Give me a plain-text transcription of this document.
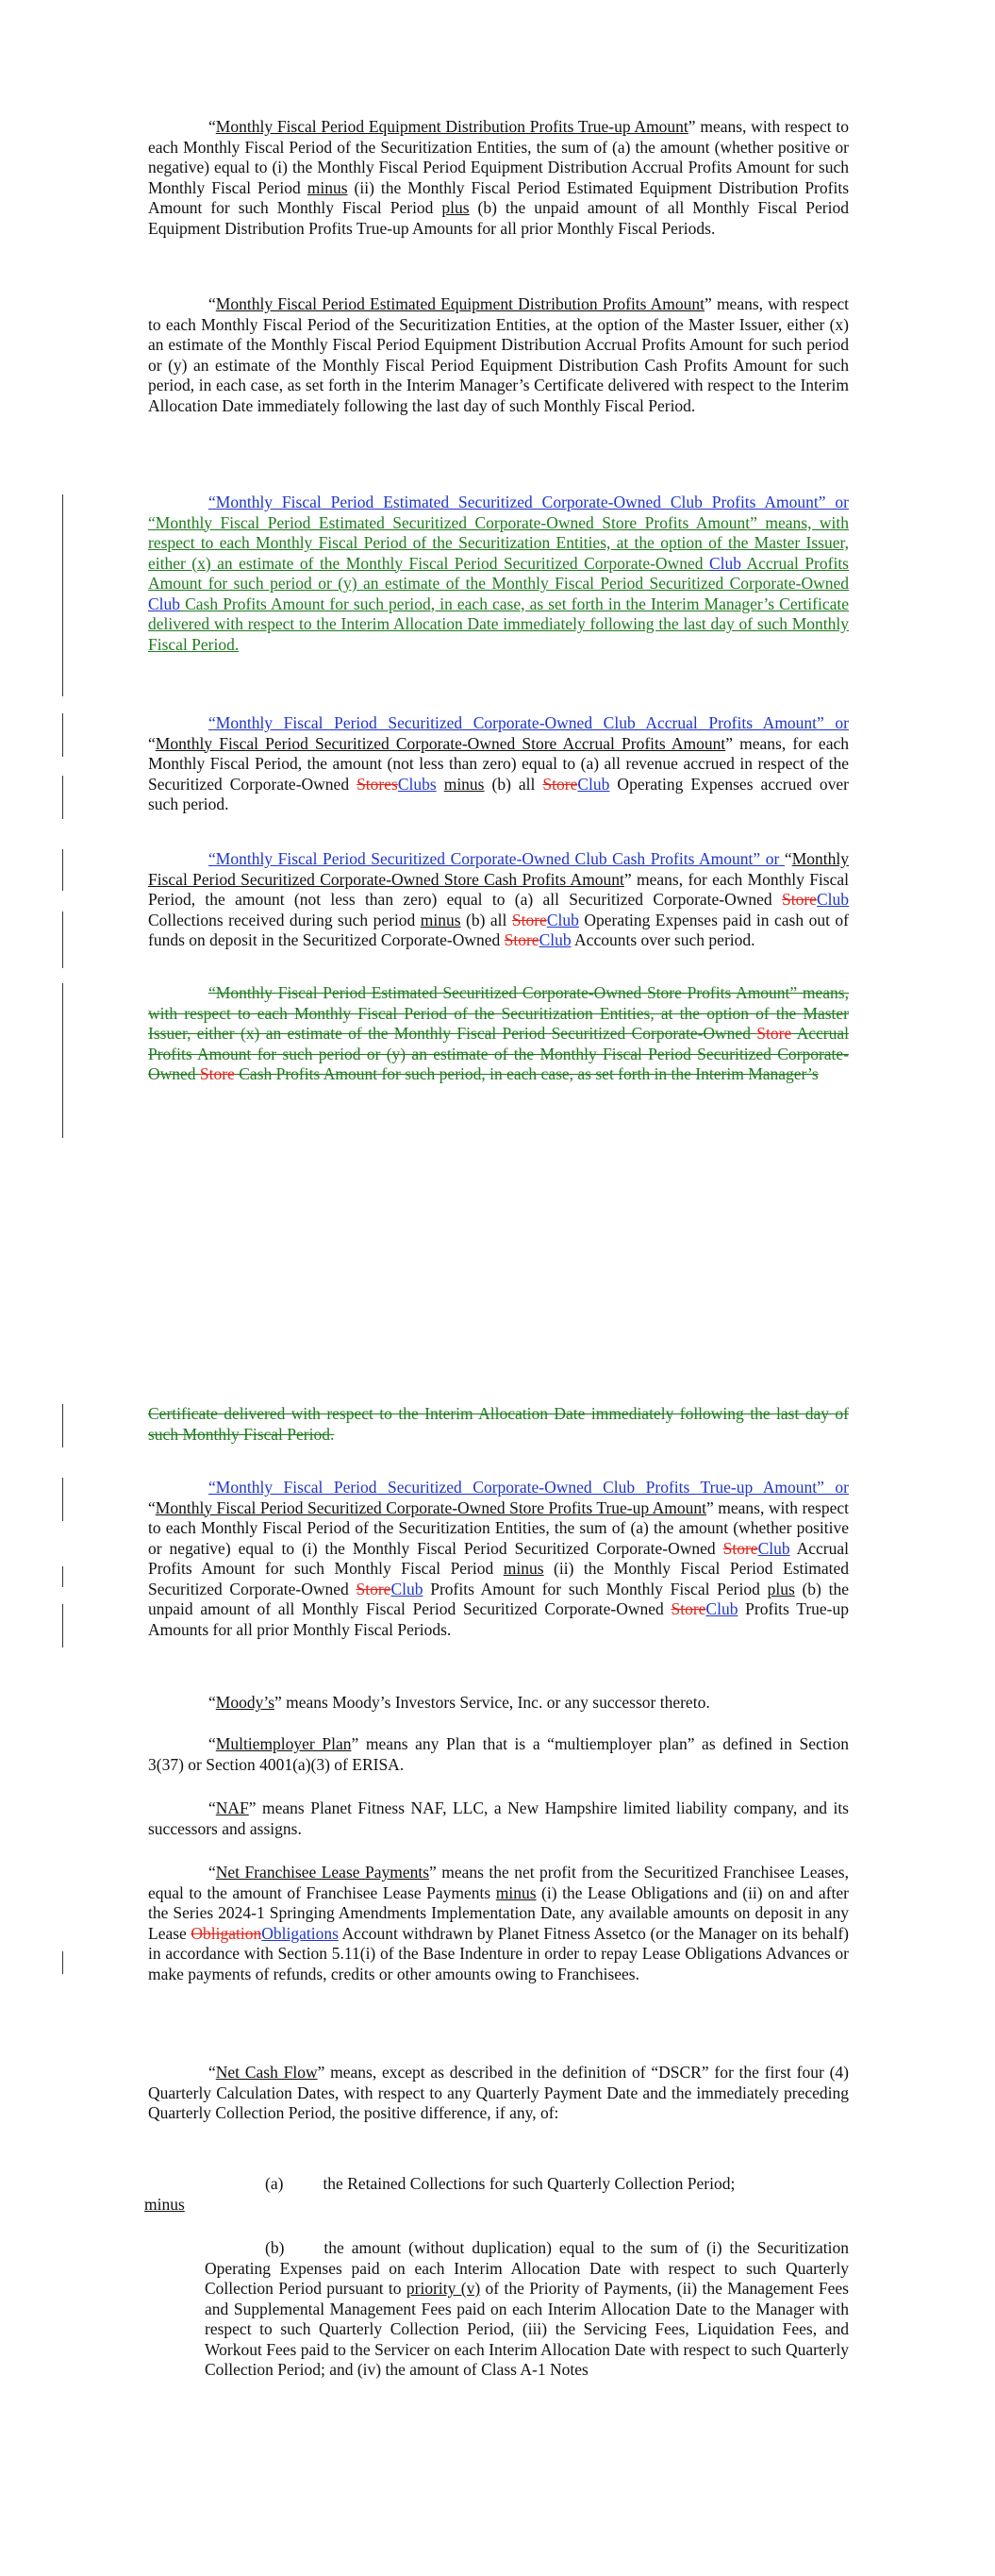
“Monthly Fiscal Period Equipment Distribution Profits True-up Amount” means, with respect to each Monthly Fiscal Period of the Securitization Entities, the sum of (a) the amount (whether positive or negative) equal to (i) the Monthly Fiscal Period Equipment Distribution Accrual Profits Amount for such Monthly Fiscal Period minus (ii) the Monthly Fiscal Period Estimated Equipment Distribution Profits Amount for such Monthly Fiscal Period plus (b) the unpaid amount of all Monthly Fiscal Period Equipment Distribution Profits True-up Amounts for all prior Monthly Fiscal Periods.

“Monthly Fiscal Period Estimated Equipment Distribution Profits Amount” means, with respect to each Monthly Fiscal Period of the Securitization Entities, at the option of the Master Issuer, either (x) an estimate of the Monthly Fiscal Period Equipment Distribution Accrual Profits Amount for such period or (y) an estimate of the Monthly Fiscal Period Equipment Distribution Cash Profits Amount for such period, in each case, as set forth in the Interim Manager’s Certificate delivered with respect to the Interim Allocation Date immediately following the last day of such Monthly Fiscal Period.

“Monthly Fiscal Period Estimated Securitized Corporate-Owned Club Profits Amount” or “Monthly Fiscal Period Estimated Securitized Corporate-Owned Store Profits Amount” means, with respect to each Monthly Fiscal Period of the Securitization Entities, at the option of the Master Issuer, either (x) an estimate of the Monthly Fiscal Period Securitized Corporate-Owned Club Accrual Profits Amount for such period or (y) an estimate of the Monthly Fiscal Period Securitized Corporate-Owned Club Cash Profits Amount for such period, in each case, as set forth in the Interim Manager’s Certificate delivered with respect to the Interim Allocation Date immediately following the last day of such Monthly Fiscal Period.

“Monthly Fiscal Period Securitized Corporate-Owned Club Accrual Profits Amount” or “Monthly Fiscal Period Securitized Corporate-Owned Store Accrual Profits Amount” means, for each Monthly Fiscal Period, the amount (not less than zero) equal to (a) all revenue accrued in respect of the Securitized Corporate-Owned StoresClubs minus (b) all StoreClub Operating Expenses accrued over such period.

“Monthly Fiscal Period Securitized Corporate-Owned Club Cash Profits Amount” or “Monthly Fiscal Period Securitized Corporate-Owned Store Cash Profits Amount” means, for each Monthly Fiscal Period, the amount (not less than zero) equal to (a) all Securitized Corporate-Owned StoreClub Collections received during such period minus (b) all StoreClub Operating Expenses paid in cash out of funds on deposit in the Securitized Corporate-Owned StoreClub Accounts over such period.

“Monthly Fiscal Period Estimated Securitized Corporate-Owned Store Profits Amount” means, with respect to each Monthly Fiscal Period of the Securitization Entities, at the option of the Master Issuer, either (x) an estimate of the Monthly Fiscal Period Securitized Corporate-Owned Store Accrual Profits Amount for such period or (y) an estimate of the Monthly Fiscal Period Securitized Corporate-Owned Store Cash Profits Amount for such period, in each case, as set forth in the Interim Manager’s

Certificate delivered with respect to the Interim Allocation Date immediately following the last day of such Monthly Fiscal Period.

“Monthly Fiscal Period Securitized Corporate-Owned Club Profits True-up Amount” or “Monthly Fiscal Period Securitized Corporate-Owned Store Profits True-up Amount” means, with respect to each Monthly Fiscal Period of the Securitization Entities, the sum of (a) the amount (whether positive or negative) equal to (i) the Monthly Fiscal Period Securitized Corporate-Owned StoreClub Accrual Profits Amount for such Monthly Fiscal Period minus (ii) the Monthly Fiscal Period Estimated Securitized Corporate-Owned StoreClub Profits Amount for such Monthly Fiscal Period plus (b) the unpaid amount of all Monthly Fiscal Period Securitized Corporate-Owned StoreClub Profits True-up Amounts for all prior Monthly Fiscal Periods.

“Moody’s” means Moody’s Investors Service, Inc. or any successor thereto.

“Multiemployer Plan” means any Plan that is a “multiemployer plan” as defined in Section 3(37) or Section 4001(a)(3) of ERISA.

“NAF” means Planet Fitness NAF, LLC, a New Hampshire limited liability company, and its successors and assigns.

“Net Franchisee Lease Payments” means the net profit from the Securitized Franchisee Leases, equal to the amount of Franchisee Lease Payments minus (i) the Lease Obligations and (ii) on and after the Series 2024-1 Springing Amendments Implementation Date, any available amounts on deposit in any Lease ObligationObligations Account withdrawn by Planet Fitness Assetco (or the Manager on its behalf) in accordance with Section 5.11(i) of the Base Indenture in order to repay Lease Obligations Advances or make payments of refunds, credits or other amounts owing to Franchisees.

“Net Cash Flow” means, except as described in the definition of “DSCR” for the first four (4) Quarterly Calculation Dates, with respect to any Quarterly Payment Date and the immediately preceding Quarterly Collection Period, the positive difference, if any, of:

(a) the Retained Collections for such Quarterly Collection Period;
minus

(b) the amount (without duplication) equal to the sum of (i) the Securitization Operating Expenses paid on each Interim Allocation Date with respect to such Quarterly Collection Period pursuant to priority (v) of the Priority of Payments, (ii) the Management Fees and Supplemental Management Fees paid on each Interim Allocation Date to the Manager with respect to such Quarterly Collection Period, (iii) the Servicing Fees, Liquidation Fees, and Workout Fees paid to the Servicer on each Interim Allocation Date with respect to such Quarterly Collection Period; and (iv) the amount of Class A-1 Notes
